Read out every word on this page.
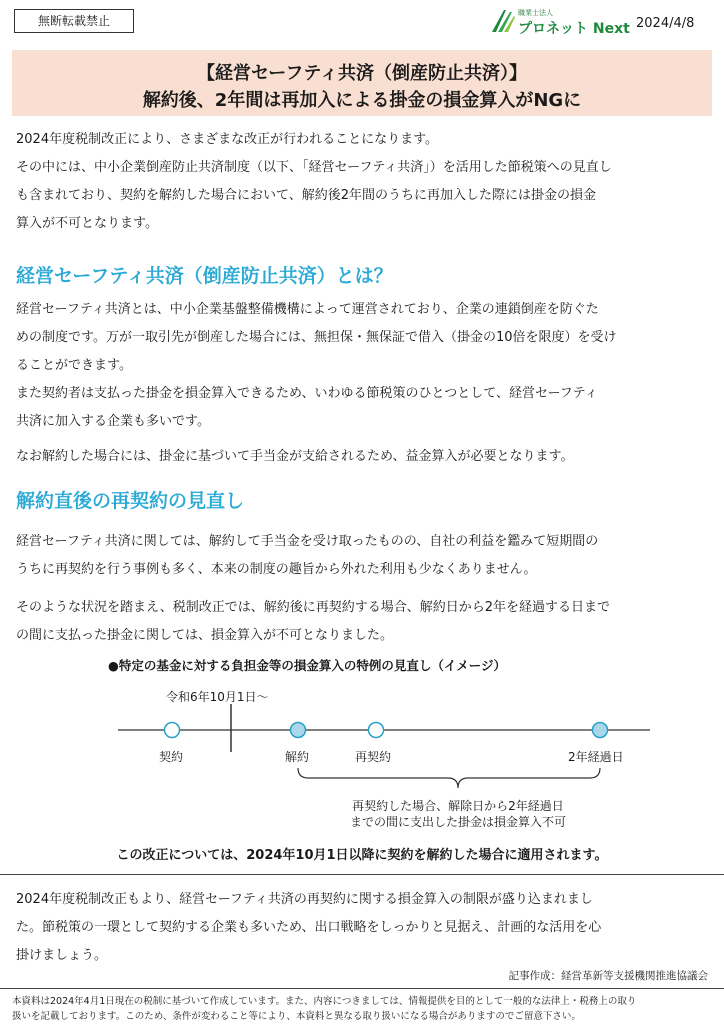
無断転載禁止
職業士法人
プロネット Next 2024/4/8
【経営セーフティ共済（倒産防止共済）】
解約後、2年間は再加入による掛金の損金算入がNGに
2024年度税制改正により、さまざまな改正が行われることになります。
その中には、中小企業倒産防止共済制度（以下、「経営セーフティ共済」）を活用した節税策への見直し
も含まれており、契約を解約した場合において、解約後2年間のうちに再加入した際には掛金の損金
算入が不可となります。
経営セーフティ共済（倒産防止共済）とは？
経営セーフティ共済とは、中小企業基盤整備機構によって運営されており、企業の連鎖倒産を防ぐた
めの制度です。万が一取引先が倒産した場合には、無担保・無保証で借入（掛金の10倍を限度）を受け
ることができます。
また契約者は支払った掛金を損金算入できるため、いわゆる節税策のひとつとして、経営セーフティ
共済に加入する企業も多いです。
なお解約した場合には、掛金に基づいて手当金が支給されるため、益金算入が必要となります。
解約直後の再契約の見直し
経営セーフティ共済に関しては、解約して手当金を受け取ったものの、自社の利益を鑑みて短期間の
うちに再契約を行う事例も多く、本来の制度の趣旨から外れた利用も少なくありません。
そのような状況を踏まえ、税制改正では、解約後に再契約する場合、解約日から2年を経過する日まで
の間に支払った掛金に関しては、損金算入が不可となりました。
●特定の基金に対する負担金等の損金算入の特例の見直し（イメージ）
令和6年10月1日～
契約	解約	再契約	2年経過日
再契約した場合、解除日から2年経過日
までの間に支出した掛金は損金算入不可
この改正については、2024年10月1日以降に契約を解約した場合に適用されます。
2024年度税制改正もより、経営セーフティ共済の再契約に関する損金算入の制限が盛り込まれまし
た。節税策の一環として契約する企業も多いため、出口戦略をしっかりと見据え、計画的な活用を心
掛けましょう。
記事作成：経営革新等支援機関推進協議会
本資料は2024年4月1日現在の税制に基づいて作成しています。また、内容につきましては、情報提供を目的として一般的な法律上・税務上の取り
扱いを記載しております。このため、条件が変わること等により、本資料と異なる取り扱いになる場合がありますのでご留意下さい。
